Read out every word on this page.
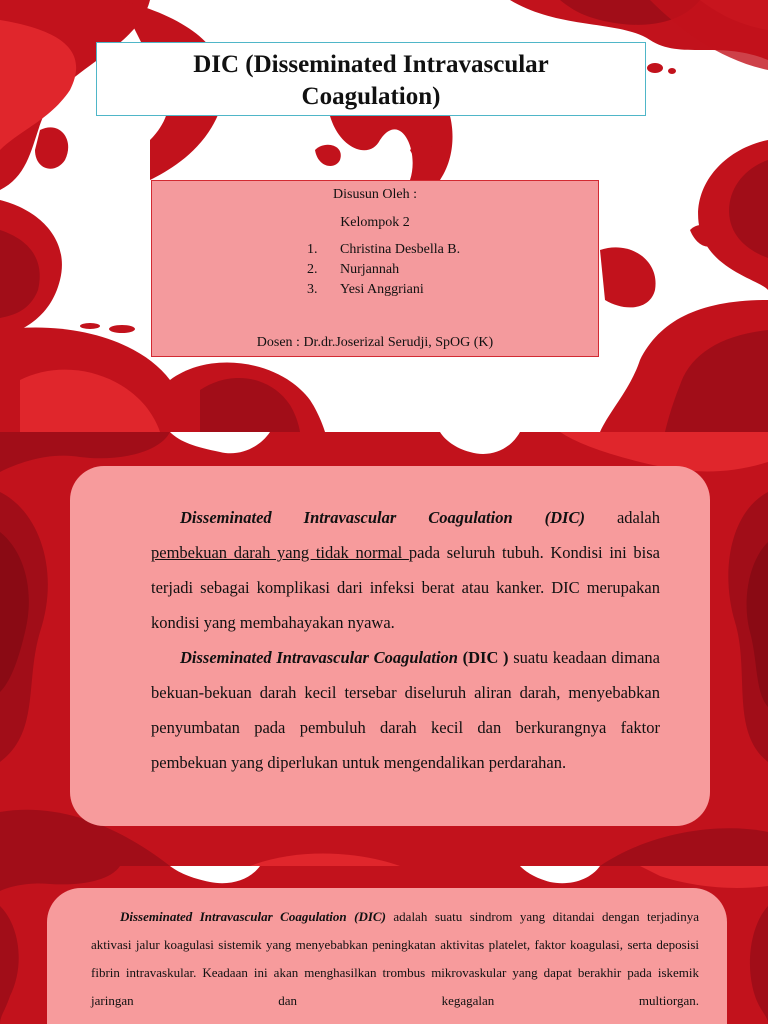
DIC (Disseminated Intravascular
Coagulation)
Disusun Oleh :
Kelompok 2
1. Christina Desbella B.
2. Nurjannah
3. Yesi Anggriani
Dosen : Dr.dr.Joserizal Serudji, SpOG (K)

Disseminated Intravascular Coagulation (DIC) adalah

pembekuan darah yang tidak normal pada seluruh tubuh. Kondisi ini bisa terjadi sebagai komplikasi dari infeksi berat atau kanker. DIC merupakan kondisi yang membahayakan nyawa.

Disseminated Intravascular Coagulation (DIC ) suatu keadaan dimana bekuan-bekuan darah kecil tersebar diseluruh aliran darah, menyebabkan penyumbatan pada pembuluh darah kecil dan berkurangnya faktor pembekuan yang diperlukan untuk mengendalikan perdarahan.

Disseminated Intravascular Coagulation (DIC) adalah suatu sindrom yang ditandai dengan terjadinya aktivasi jalur koagulasi sistemik yang menyebabkan peningkatan aktivitas platelet, faktor koagulasi, serta deposisi fibrin intravaskular. Keadaan ini akan menghasilkan trombus mikrovaskular yang dapat berakhir pada iskemik jaringan dan kegagalan multiorgan.
